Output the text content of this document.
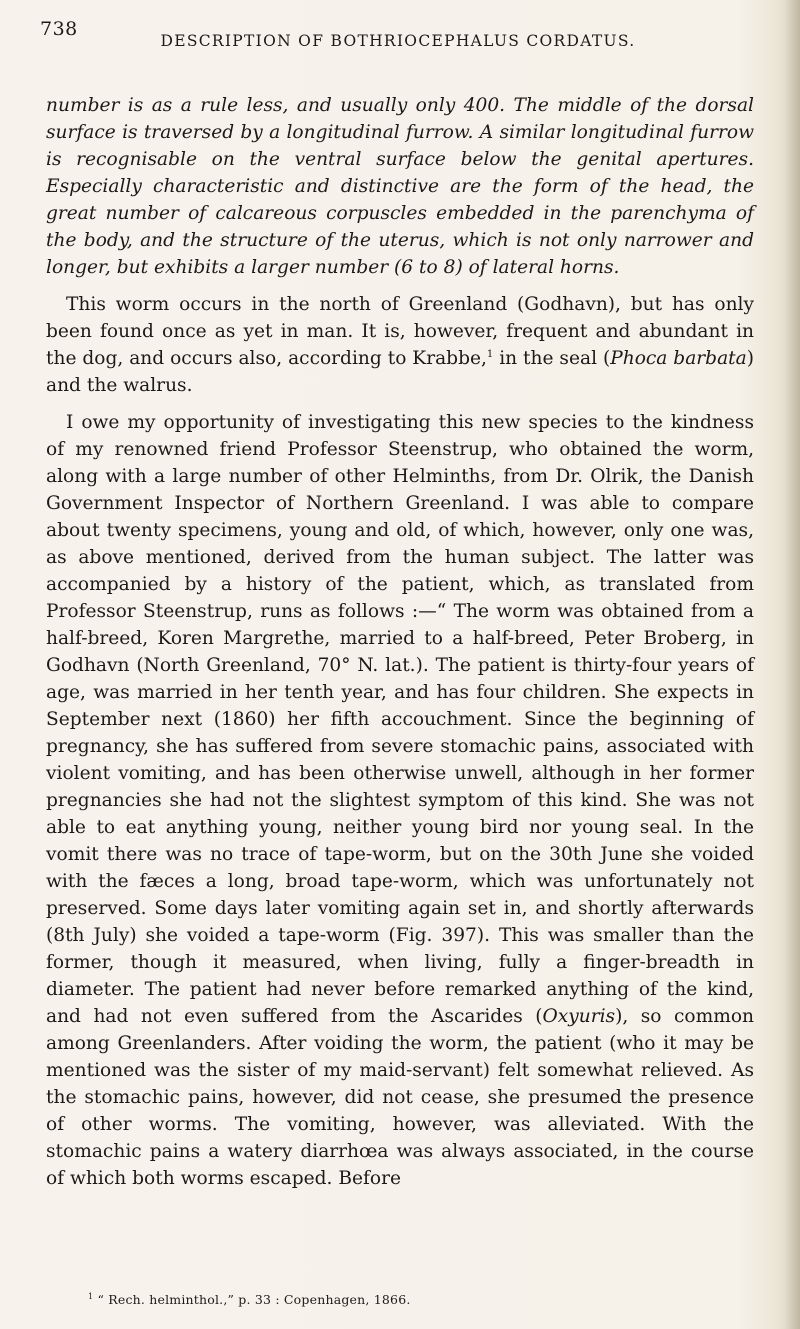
738
DESCRIPTION OF BOTHRIOCEPHALUS CORDATUS.

number is as a rule less, and usually only 400. The middle of the dorsal surface is traversed by a longitudinal furrow. A similar longitudinal furrow is recognisable on the ventral surface below the genital apertures. Especially characteristic and distinctive are the form of the head, the great number of calcareous corpuscles embedded in the parenchyma of the body, and the structure of the uterus, which is not only narrower and longer, but exhibits a larger number (6 to 8) of lateral horns.

This worm occurs in the north of Greenland (Godhavn), but has only been found once as yet in man. It is, however, frequent and abundant in the dog, and occurs also, according to Krabbe,$^1$ in the seal (Phoca barbata) and the walrus.

I owe my opportunity of investigating this new species to the kindness of my renowned friend Professor Steenstrup, who obtained the worm, along with a large number of other Helminths, from Dr. Olrik, the Danish Government Inspector of Northern Greenland. I was able to compare about twenty specimens, young and old, of which, however, only one was, as above mentioned, derived from the human subject. The latter was accompanied by a history of the patient, which, as translated from Professor Steenstrup, runs as follows :—“ The worm was obtained from a half-breed, Koren Margrethe, married to a half-breed, Peter Broberg, in Godhavn (North Greenland, 70° N. lat.). The patient is thirty-four years of age, was married in her tenth year, and has four children. She expects in September next (1860) her fifth accouchment. Since the beginning of pregnancy, she has suffered from severe stomachic pains, associated with violent vomiting, and has been otherwise unwell, although in her former pregnancies she had not the slightest symptom of this kind. She was not able to eat anything young, neither young bird nor young seal. In the vomit there was no trace of tape-worm, but on the 30th June she voided with the fæces a long, broad tape-worm, which was unfortunately not preserved. Some days later vomiting again set in, and shortly afterwards (8th July) she voided a tape-worm (Fig. 397). This was smaller than the former, though it measured, when living, fully a finger-breadth in diameter. The patient had never before remarked anything of the kind, and had not even suffered from the Ascarides (Oxyuris), so common among Greenlanders. After voiding the worm, the patient (who it may be mentioned was the sister of my maid-servant) felt somewhat relieved. As the stomachic pains, however, did not cease, she presumed the presence of other worms. The vomiting, however, was alleviated. With the stomachic pains a watery diarrhœa was always associated, in the course of which both worms escaped. Before

$^1$ “ Rech. helminthol.,” p. 33 : Copenhagen, 1866.
